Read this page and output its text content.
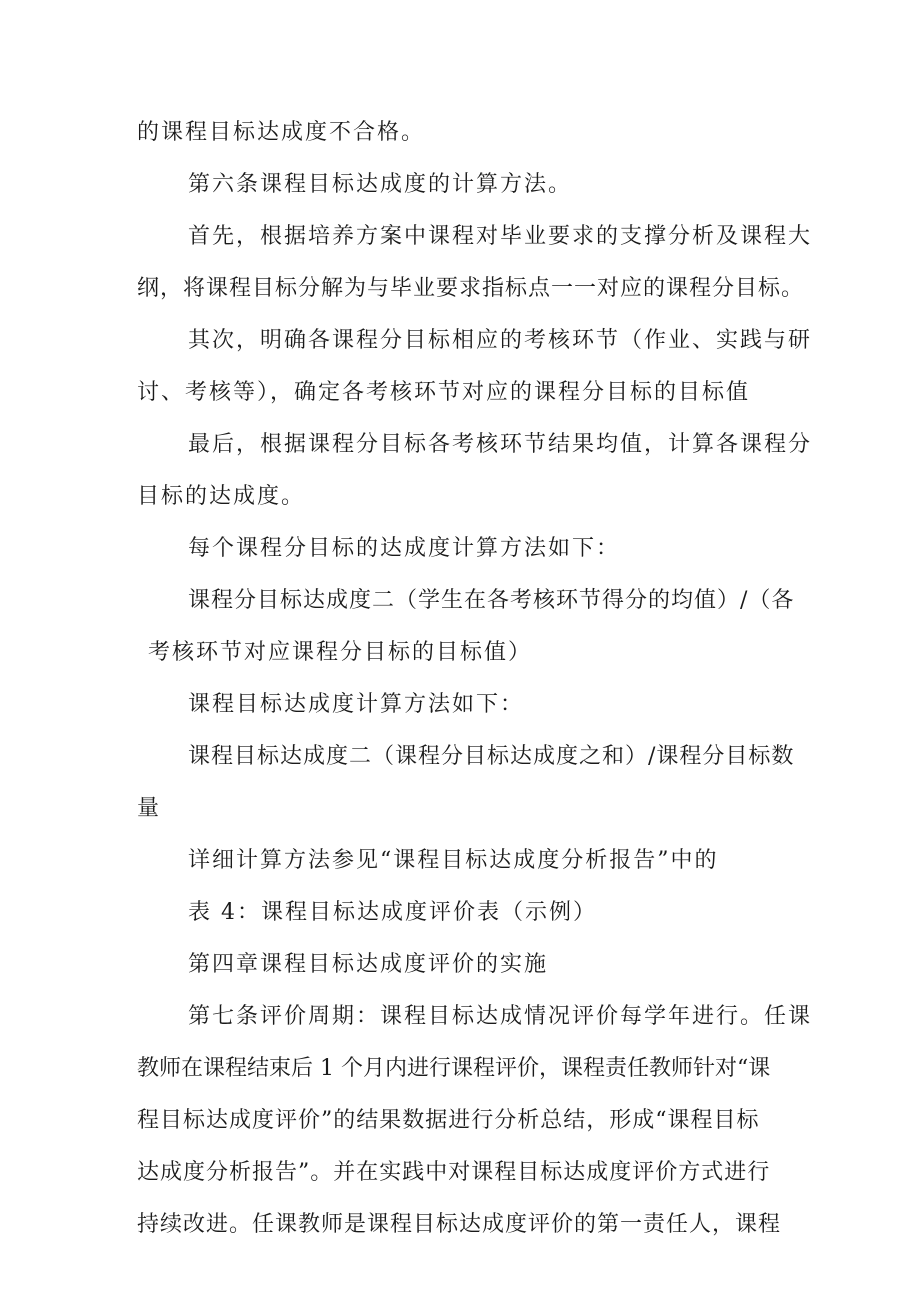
的课程目标达成度不合格。
第六条课程目标达成度的计算方法。
首先，根据培养方案中课程对毕业要求的支撑分析及课程大
纲，将课程目标分解为与毕业要求指标点一一对应的课程分目标。
其次，明确各课程分目标相应的考核环节（作业、实践与研
讨、考核等），确定各考核环节对应的课程分目标的目标值
最后，根据课程分目标各考核环节结果均值，计算各课程分
目标的达成度。
每个课程分目标的达成度计算方法如下：
课程分目标达成度二（学生在各考核环节得分的均值）/（各
考核环节对应课程分目标的目标值）
课程目标达成度计算方法如下：
课程目标达成度二（课程分目标达成度之和）/课程分目标数
量
详细计算方法参见“课程目标达成度分析报告”中的
表 4：课程目标达成度评价表（示例）
第四章课程目标达成度评价的实施
第七条评价周期：课程目标达成情况评价每学年进行。任课
教师在课程结束后 1 个月内进行课程评价，课程责任教师针对“课
程目标达成度评价”的结果数据进行分析总结，形成“课程目标
达成度分析报告”。并在实践中对课程目标达成度评价方式进行
持续改进。任课教师是课程目标达成度评价的第一责任人，课程
